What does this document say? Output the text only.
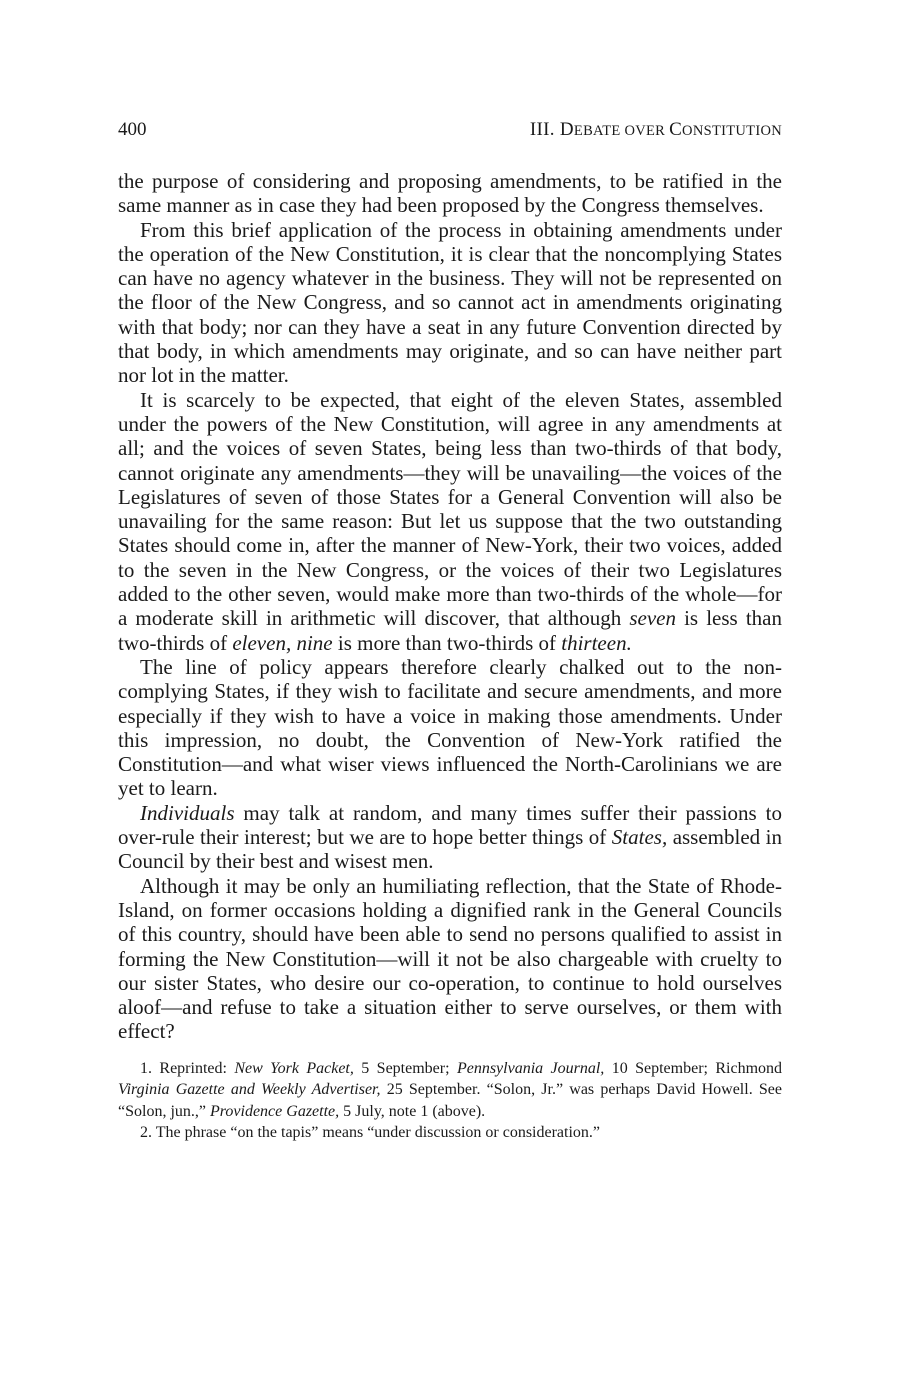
400	III. DEBATE OVER CONSTITUTION

the purpose of considering and proposing amendments, to be ratified in the same manner as in case they had been proposed by the Congress themselves.

From this brief application of the process in obtaining amendments under the operation of the New Constitution, it is clear that the noncomplying States can have no agency whatever in the business. They will not be represented on the floor of the New Congress, and so cannot act in amendments originating with that body; nor can they have a seat in any future Convention directed by that body, in which amendments may originate, and so can have neither part nor lot in the matter.

It is scarcely to be expected, that eight of the eleven States, assembled under the powers of the New Constitution, will agree in any amendments at all; and the voices of seven States, being less than two-thirds of that body, cannot originate any amendments—they will be unavailing—the voices of the Legislatures of seven of those States for a General Convention will also be unavailing for the same reason: But let us suppose that the two outstanding States should come in, after the manner of New-York, their two voices, added to the seven in the New Congress, or the voices of their two Legislatures added to the other seven, would make more than two-thirds of the whole—for a moderate skill in arithmetic will discover, that although seven is less than two-thirds of eleven, nine is more than two-thirds of thirteen.

The line of policy appears therefore clearly chalked out to the noncomplying States, if they wish to facilitate and secure amendments, and more especially if they wish to have a voice in making those amendments. Under this impression, no doubt, the Convention of New-York ratified the Constitution—and what wiser views influenced the North-Carolinians we are yet to learn.

Individuals may talk at random, and many times suffer their passions to over-rule their interest; but we are to hope better things of States, assembled in Council by their best and wisest men.

Although it may be only an humiliating reflection, that the State of Rhode-Island, on former occasions holding a dignified rank in the General Councils of this country, should have been able to send no persons qualified to assist in forming the New Constitution—will it not be also chargeable with cruelty to our sister States, who desire our co-operation, to continue to hold ourselves aloof—and refuse to take a situation either to serve ourselves, or them with effect?

1. Reprinted: New York Packet, 5 September; Pennsylvania Journal, 10 September; Richmond Virginia Gazette and Weekly Advertiser, 25 September. “Solon, Jr.” was perhaps David Howell. See “Solon, jun.,” Providence Gazette, 5 July, note 1 (above).

2. The phrase “on the tapis” means “under discussion or consideration.”
